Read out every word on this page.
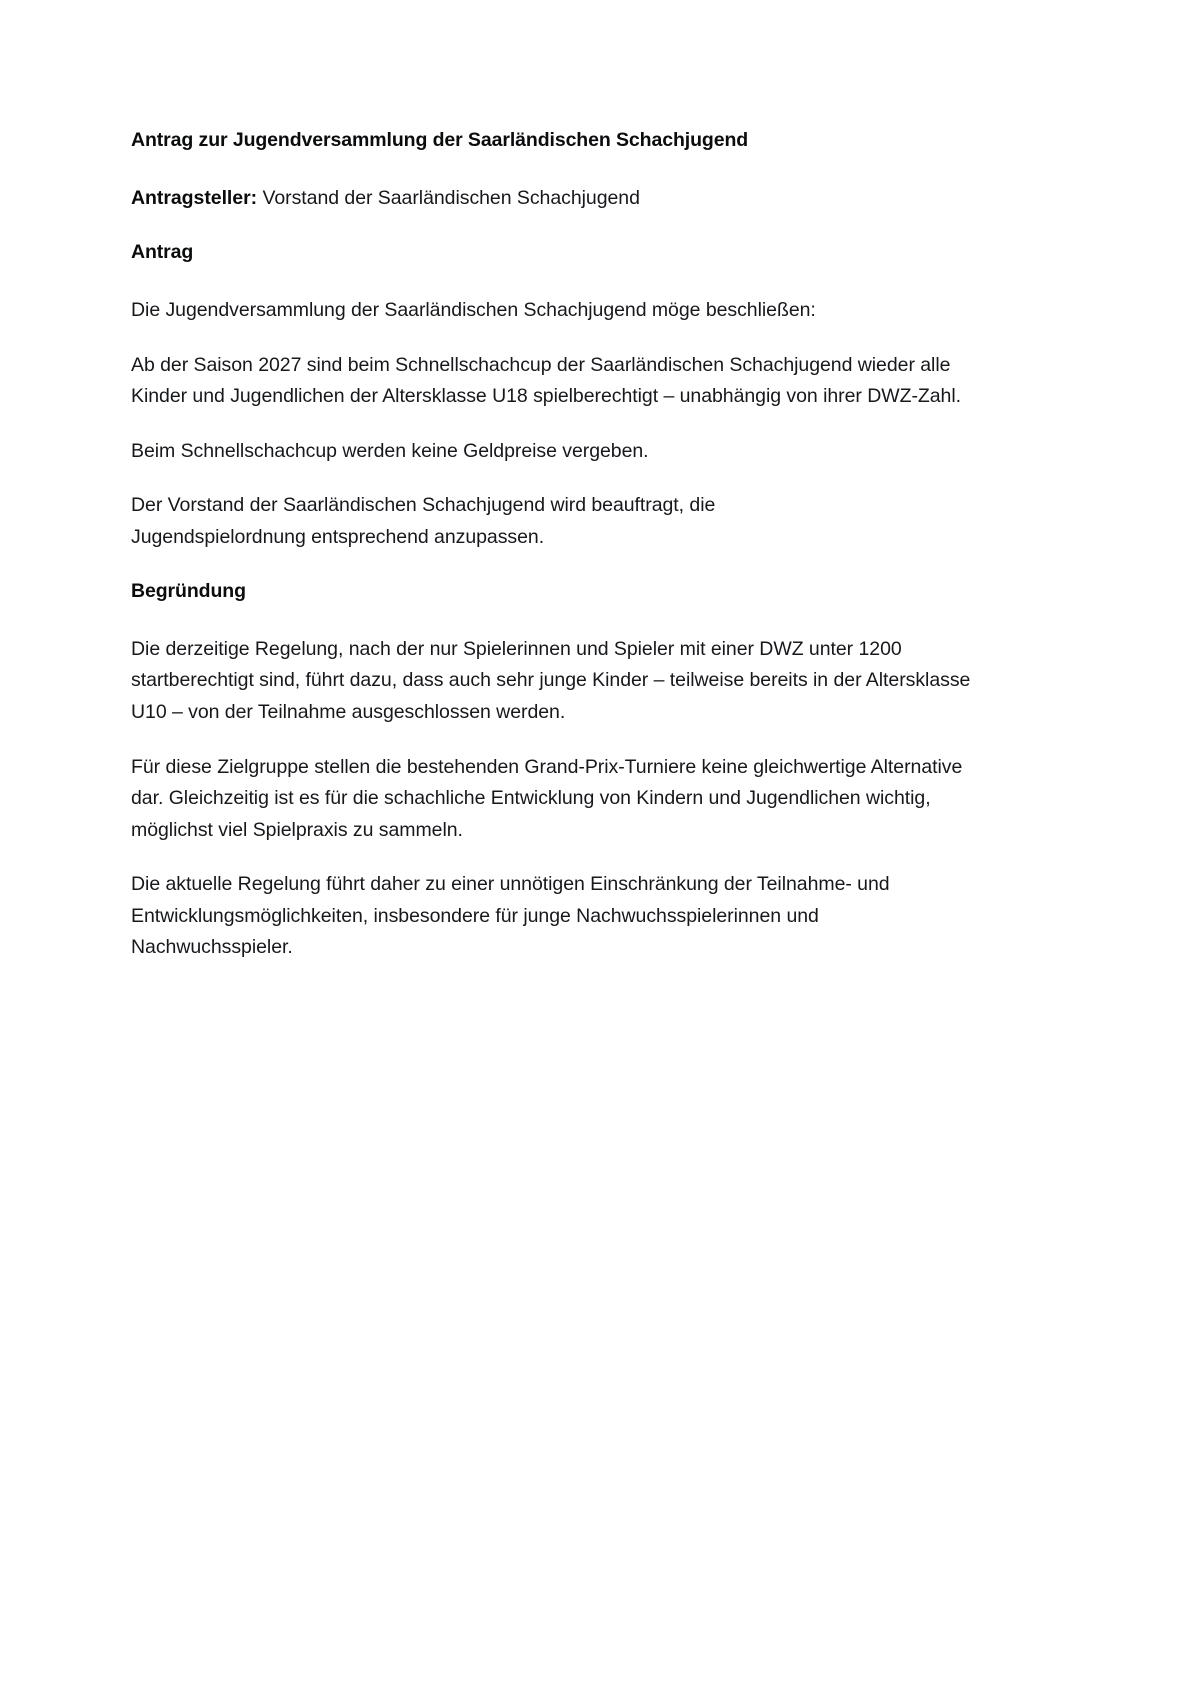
Antrag zur Jugendversammlung der Saarländischen Schachjugend

Antragsteller: Vorstand der Saarländischen Schachjugend

Antrag

Die Jugendversammlung der Saarländischen Schachjugend möge beschließen:

Ab der Saison 2027 sind beim Schnellschachcup der Saarländischen Schachjugend wieder alle Kinder und Jugendlichen der Altersklasse U18 spielberechtigt – unabhängig von ihrer DWZ-Zahl.

Beim Schnellschachcup werden keine Geldpreise vergeben.

Der Vorstand der Saarländischen Schachjugend wird beauftragt, die Jugendspielordnung entsprechend anzupassen.

Begründung

Die derzeitige Regelung, nach der nur Spielerinnen und Spieler mit einer DWZ unter 1200 startberechtigt sind, führt dazu, dass auch sehr junge Kinder – teilweise bereits in der Altersklasse U10 – von der Teilnahme ausgeschlossen werden.

Für diese Zielgruppe stellen die bestehenden Grand-Prix-Turniere keine gleichwertige Alternative dar. Gleichzeitig ist es für die schachliche Entwicklung von Kindern und Jugendlichen wichtig, möglichst viel Spielpraxis zu sammeln.

Die aktuelle Regelung führt daher zu einer unnötigen Einschränkung der Teilnahme- und Entwicklungsmöglichkeiten, insbesondere für junge Nachwuchsspielerinnen und Nachwuchsspieler.
